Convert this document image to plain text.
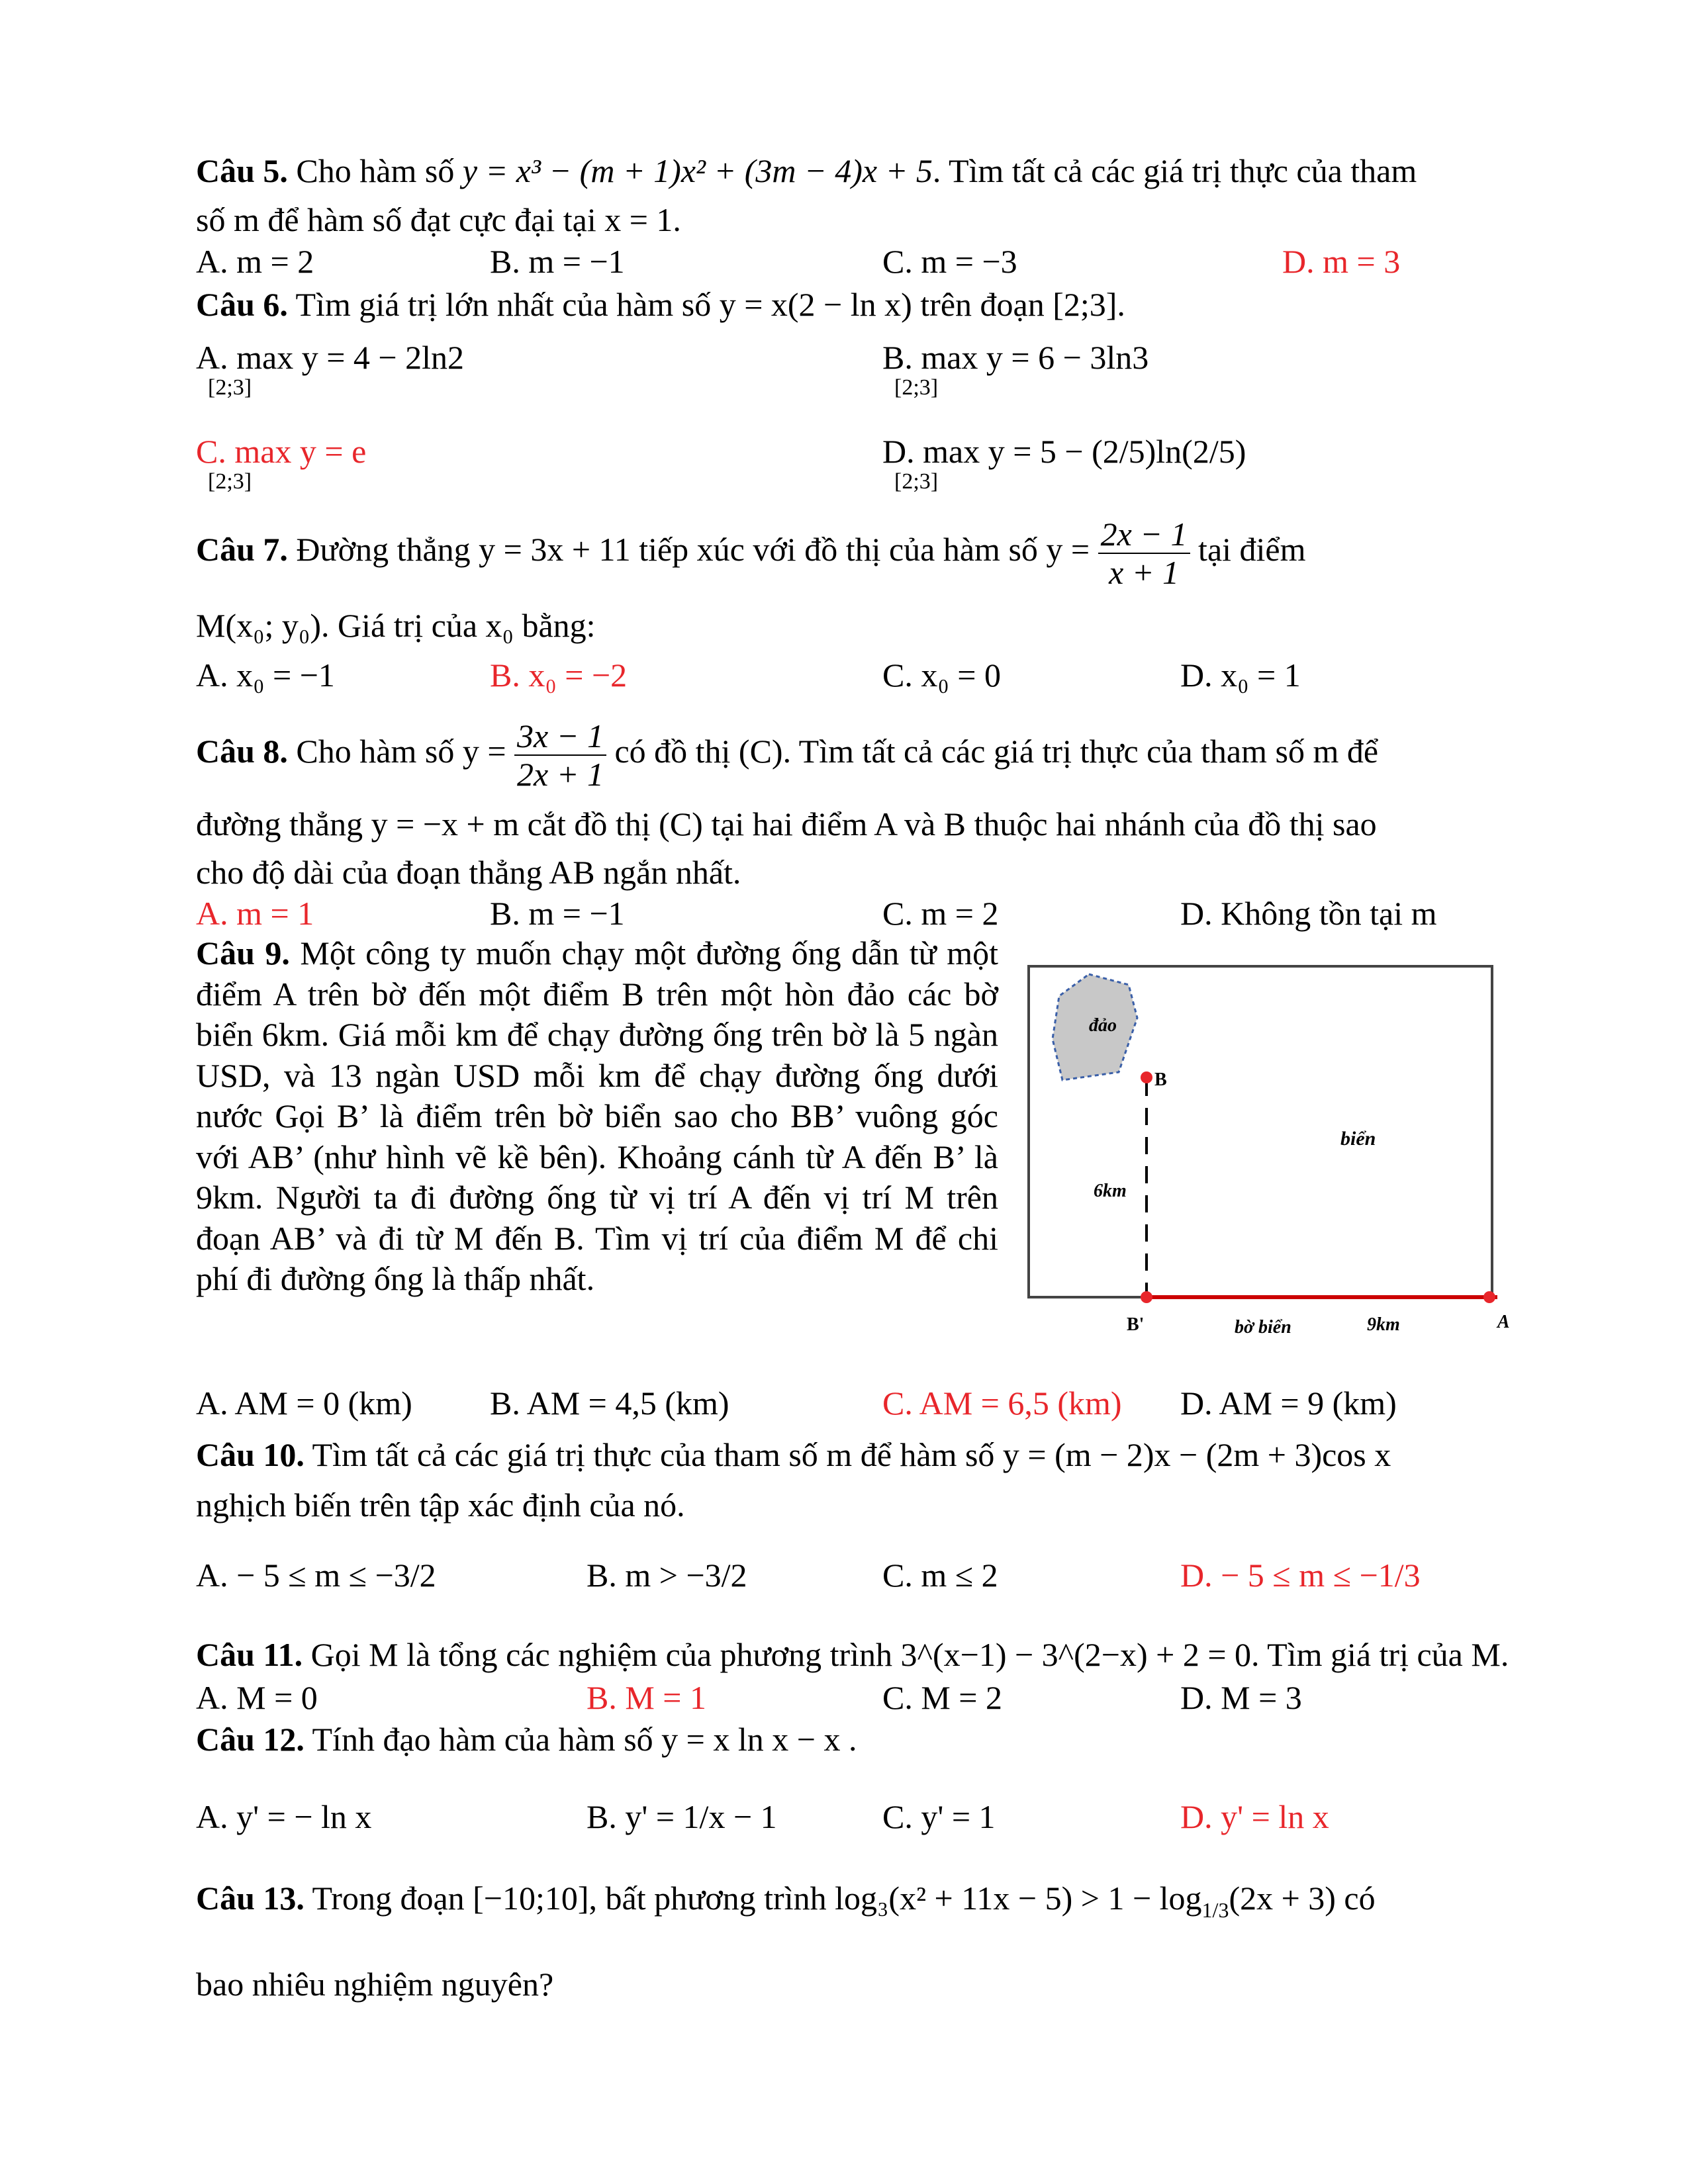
Câu 5. Cho hàm số y = x³ − (m + 1)x² + (3m − 4)x + 5. Tìm tất cả các giá trị thực của tham
số m để hàm số đạt cực đại tại x = 1.
A. m = 2	B. m = −1	C. m = −3	D. m = 3
Câu 6. Tìm giá trị lớn nhất của hàm số y = x(2 − ln x) trên đoạn [2;3].
A. max y = 4 − 2ln2
[2;3]
B. max y = 6 − 3ln3
[2;3]
C. max y = e
[2;3]
D. max y = 5 − (2/5)ln(2/5)
[2;3]
Câu 7. Đường thẳng y = 3x + 11 tiếp xúc với đồ thị của hàm số $y = \frac{2x - 1}{x + 1}$ tại điểm
M(x₀; y₀). Giá trị của x₀ bằng:
A. x₀ = −1	B. x₀ = −2	C. x₀ = 0	D. x₀ = 1
Câu 8. Cho hàm số $y = \frac{3x - 1}{2x + 1}$ có đồ thị (C). Tìm tất cả các giá trị thực của tham số m để
đường thẳng y = −x + m cắt đồ thị (C) tại hai điểm A và B thuộc hai nhánh của đồ thị sao
cho độ dài của đoạn thẳng AB ngắn nhất.
A. m = 1	B. m = −1	C. m = 2	D. Không tồn tại m
Câu 9. Một công ty muốn chạy một đường ống dẫn từ một điểm A trên bờ đến một điểm B trên một hòn đảo các bờ biển 6km. Giá mỗi km để chạy đường ống trên bờ là 5 ngàn USD, và 13 ngàn USD mỗi km để chạy đường ống dưới nước Gọi B’ là điểm trên bờ biển sao cho BB’ vuông góc với AB’ (như hình vẽ kề bên). Khoảng cánh từ A đến B’ là 9km. Người ta đi đường ống từ vị trí A đến vị trí M trên đoạn AB’ và đi từ M đến B. Tìm vị trí của điểm M để chi phí đi đường ống là thấp nhất.
đảo
B
B'	A
6km
biển
bờ biển	9km
A. AM = 0 (km) B. AM = 4,5 (km)	C. AM = 6,5 (km) D. AM = 9 (km)
Câu 10. Tìm tất cả các giá trị thực của tham số m để hàm số y = (m − 2)x − (2m + 3)cos x
nghịch biến trên tập xác định của nó.
A. − 5 ≤ m ≤ −3/2	B. m > −3/2	C. m ≤ 2	D. − 5 ≤ m ≤ −1/3
Câu 11. Gọi M là tổng các nghiệm của phương trình 3^(x−1) − 3^(2−x) + 2 = 0. Tìm giá trị của M.
A. M = 0	B. M = 1	C. M = 2	D. M = 3
Câu 12. Tính đạo hàm của hàm số y = x ln x − x .
A. y' = − ln x	B. y' = 1/x − 1	C. y' = 1	D. y' = ln x
Câu 13. Trong đoạn [−10;10], bất phương trình $\log_3(x^2 + 11x - 5) > 1 - \log_{1/3}(2x + 3)$ có
bao nhiêu nghiệm nguyên?
